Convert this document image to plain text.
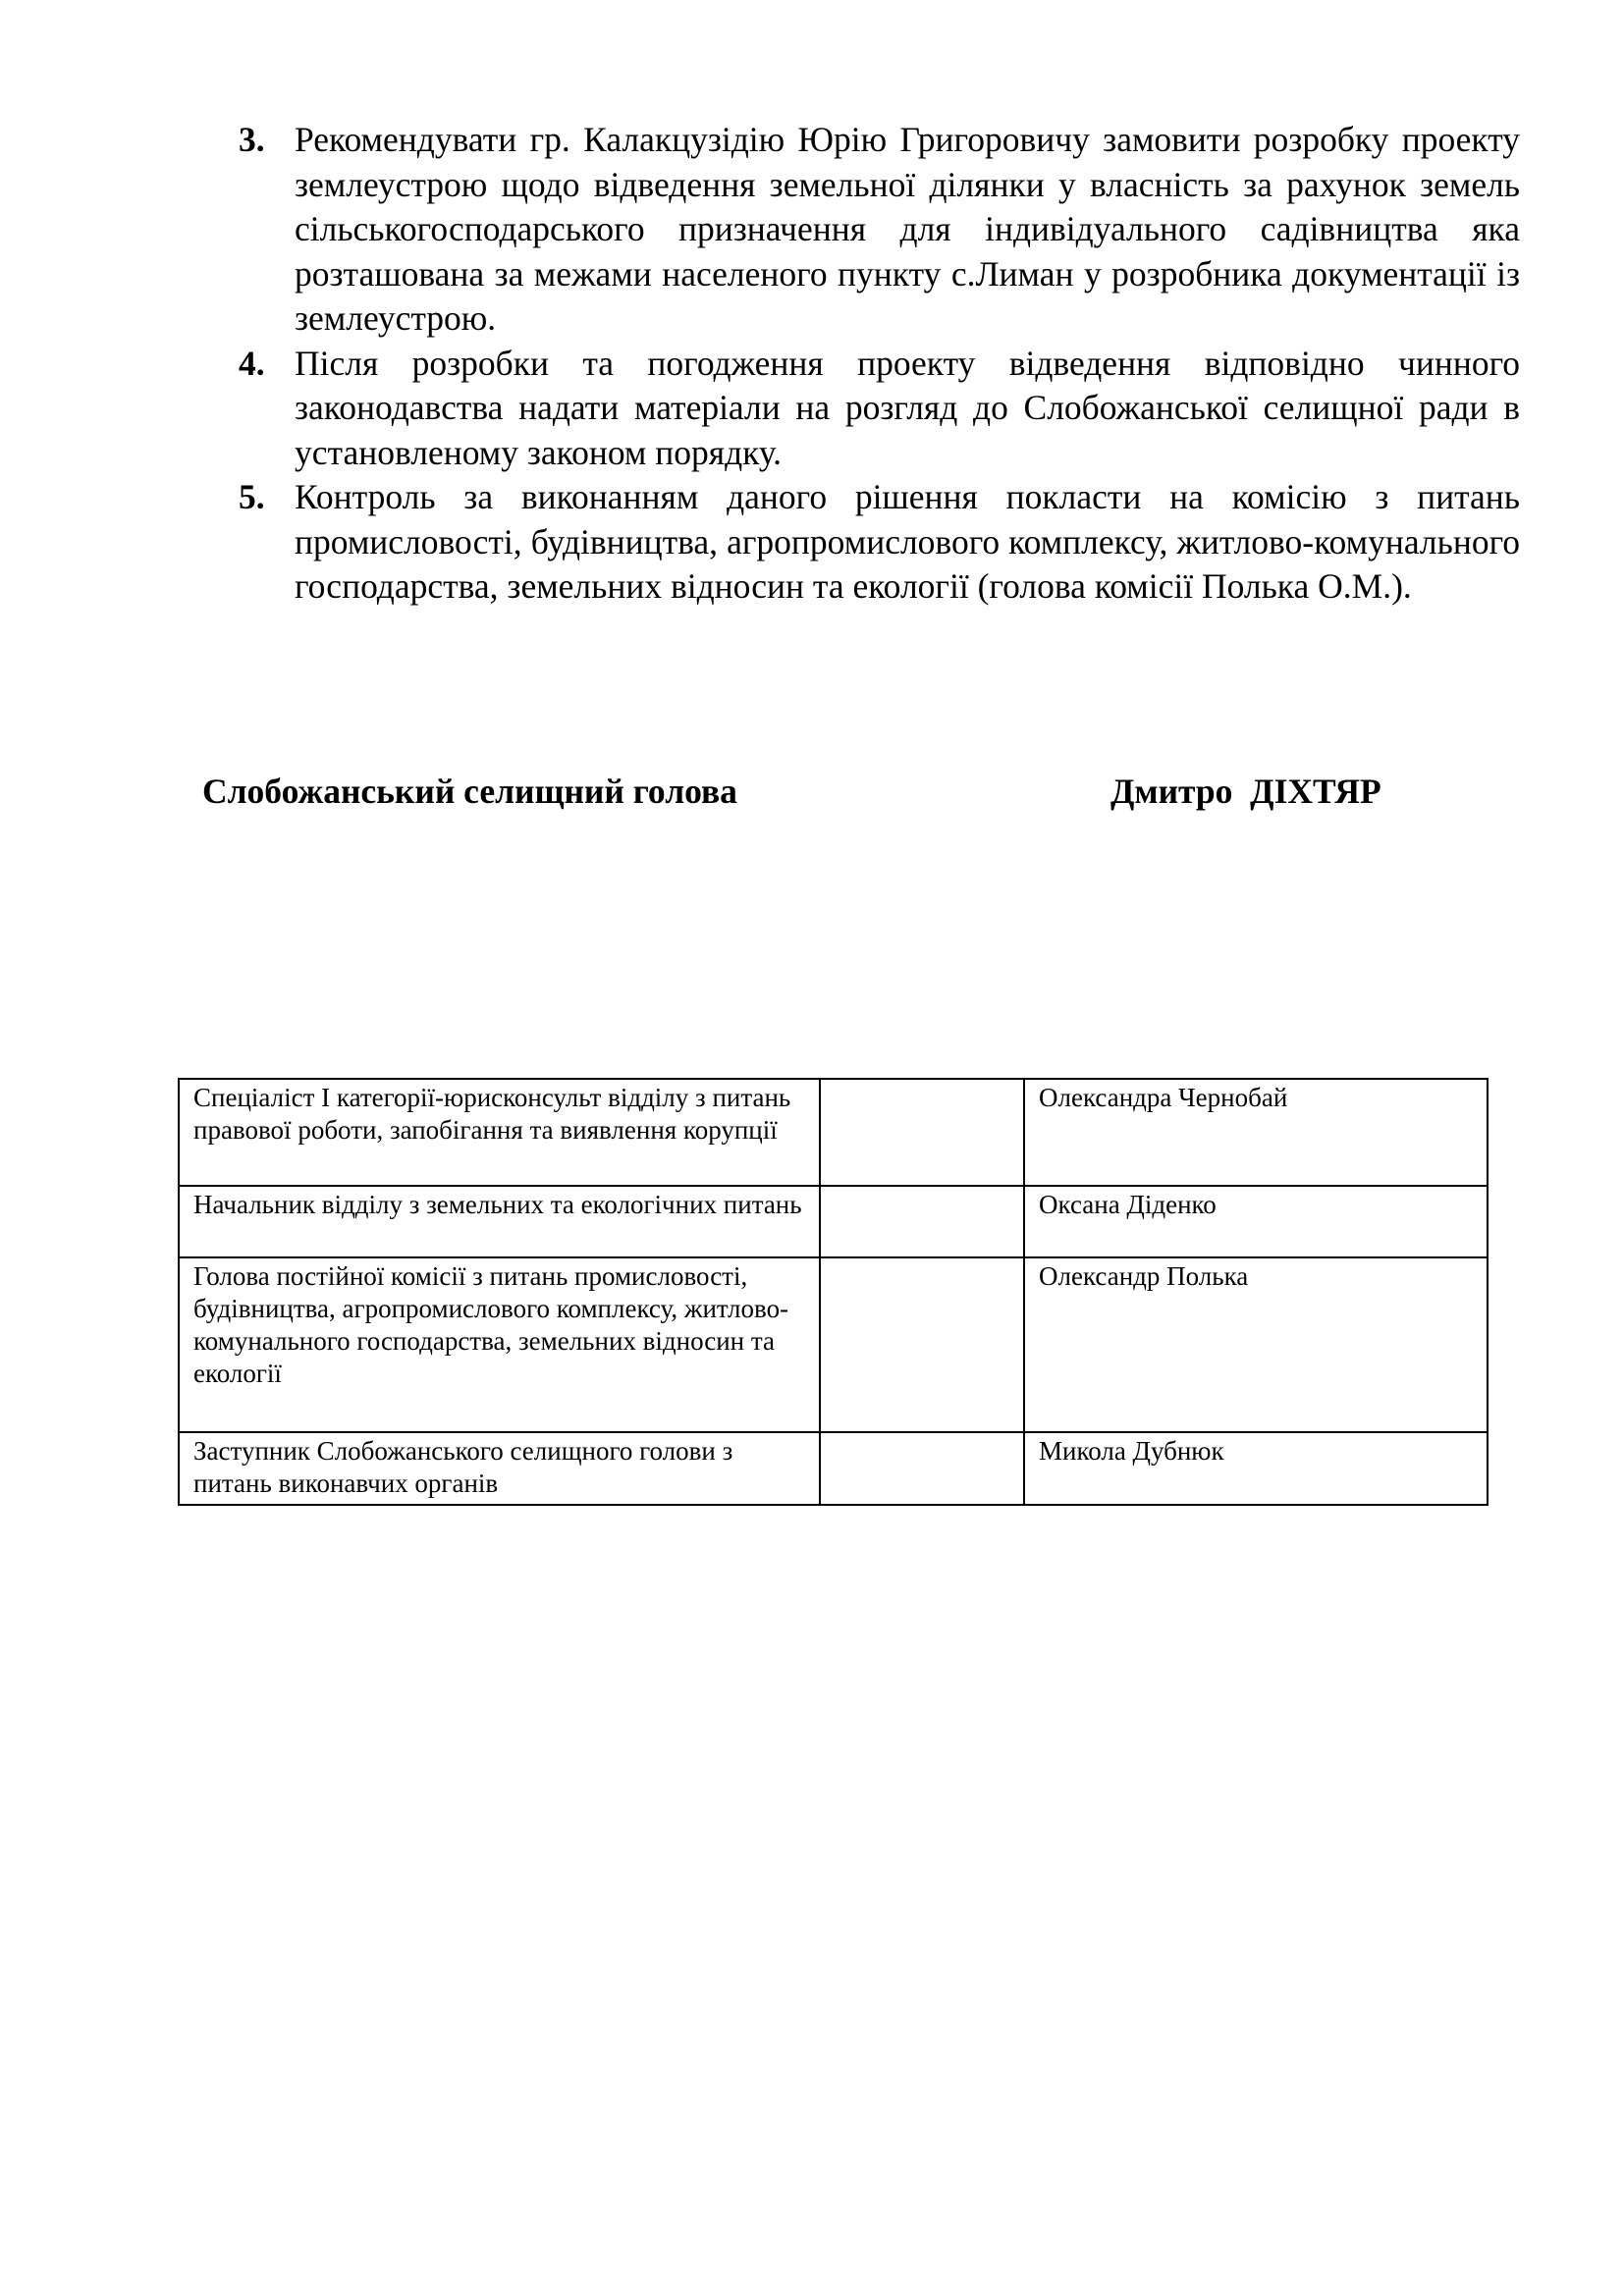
3. Рекомендувати гр. Калакцузідію Юрію Григоровичу замовити розробку проекту землеустрою щодо відведення земельної ділянки у власність за рахунок земель сільськогосподарського призначення для індивідуального садівництва яка розташована за межами населеного пункту с.Лиман у розробника документації із землеустрою.
4. Після розробки та погодження проекту відведення відповідно чинного законодавства надати матеріали на розгляд до Слобожанської селищної ради в установленому законом порядку.
5. Контроль за виконанням даного рішення покласти на комісію з питань промисловості, будівництва, агропромислового комплексу, житлово-комунального господарства, земельних відносин та екології (голова комісії Полька О.М.).
Слобожанський селищний голова	Дмитро  ДІХТЯР
Спеціаліст І категорії-юрисконсульт відділу з питань правової роботи, запобігання та виявлення корупції		Олександра Чернобай
Начальник відділу з земельних та екологічних питань		Оксана Діденко
Голова постійної комісії з питань промисловості, будівництва, агропромислового комплексу, житлово-комунального господарства, земельних відносин та екології		Олександр Полька
Заступник Слобожанського селищного голови з питань виконавчих органів		Микола Дубнюк
